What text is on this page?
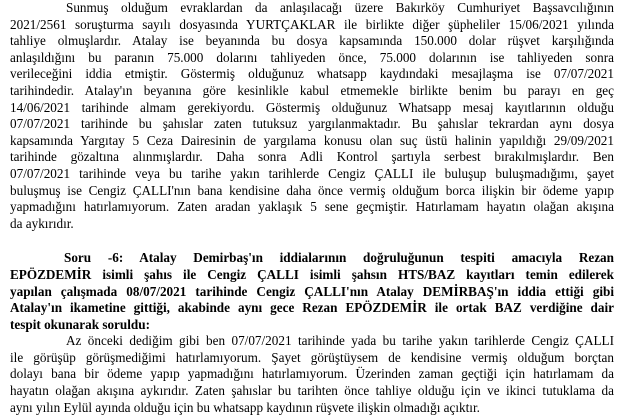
Sunmuş olduğum evraklardan da anlaşılacağı üzere Bakırköy Cumhuriyet Başsavcılığının
2021/2561 soruşturma sayılı dosyasında YURTÇAKLAR ile birlikte diğer şüpheliler 15/06/2021 yılında
tahliye olmuşlardır. Atalay ise beyanında bu dosya kapsamında 150.000 dolar rüşvet karşılığında
anlaşıldığını bu paranın 75.000 dolarını tahliyeden önce, 75.000 dolarının ise tahliyeden sonra
verileceğini iddia etmiştir. Göstermiş olduğunuz whatsapp kaydındaki mesajlaşma ise 07/07/2021
tarihindedir. Atalay'ın beyanına göre kesinlikle kabul etmemekle birlikte benim bu parayı en geç
14/06/2021 tarihinde almam gerekiyordu. Göstermiş olduğunuz Whatsapp mesaj kayıtlarının olduğu
07/07/2021 tarihinde bu şahıslar zaten tutuksuz yargılanmaktadır. Bu şahıslar tekrardan aynı dosya
kapsamında Yargıtay 5 Ceza Dairesinin de yargılama konusu olan suç üstü halinin yapıldığı 29/09/2021
tarihinde gözaltına alınmışlardır. Daha sonra Adli Kontrol şartıyla serbest bırakılmışlardır. Ben
07/07/2021 tarihinde veya bu tarihe yakın tarihlerde Cengiz ÇALLI ile buluşup buluşmadığımı, şayet
buluşmuş ise Cengiz ÇALLI'nın bana kendisine daha önce vermiş olduğum borca ilişkin bir ödeme yapıp
yapmadığını hatırlamıyorum. Zaten aradan yaklaşık 5 sene geçmiştir. Hatırlamam hayatın olağan akışına
da aykırıdır.
Soru -6: Atalay Demirbaş'ın iddialarının doğruluğunun tespiti amacıyla Rezan
EPÖZDEMİR isimli şahıs ile Cengiz ÇALLI isimli şahsın HTS/BAZ kayıtları temin edilerek
yapılan çalışmada 08/07/2021 tarihinde Cengiz ÇALLI'nın Atalay DEMİRBAŞ'ın iddia ettiği gibi
Atalay'ın ikametine gittiği, akabinde aynı gece Rezan EPÖZDEMİR ile ortak BAZ verdiğine dair
tespit okunarak soruldu:
Az önceki dediğim gibi ben 07/07/2021 tarihinde yada bu tarihe yakın tarihlerde Cengiz ÇALLI
ile görüşüp görüşmediğimi hatırlamıyorum. Şayet görüştüysem de kendisine vermiş olduğum borçtan
dolayı bana bir ödeme yapıp yapmadığını hatırlamıyorum. Üzerinden zaman geçtiği için hatırlamam da
hayatın olağan akışına aykırıdır. Zaten şahıslar bu tarihten önce tahliye olduğu için ve ikinci tutuklama da
aynı yılın Eylül ayında olduğu için bu whatsapp kaydının rüşvete ilişkin olmadığı açıktır.
